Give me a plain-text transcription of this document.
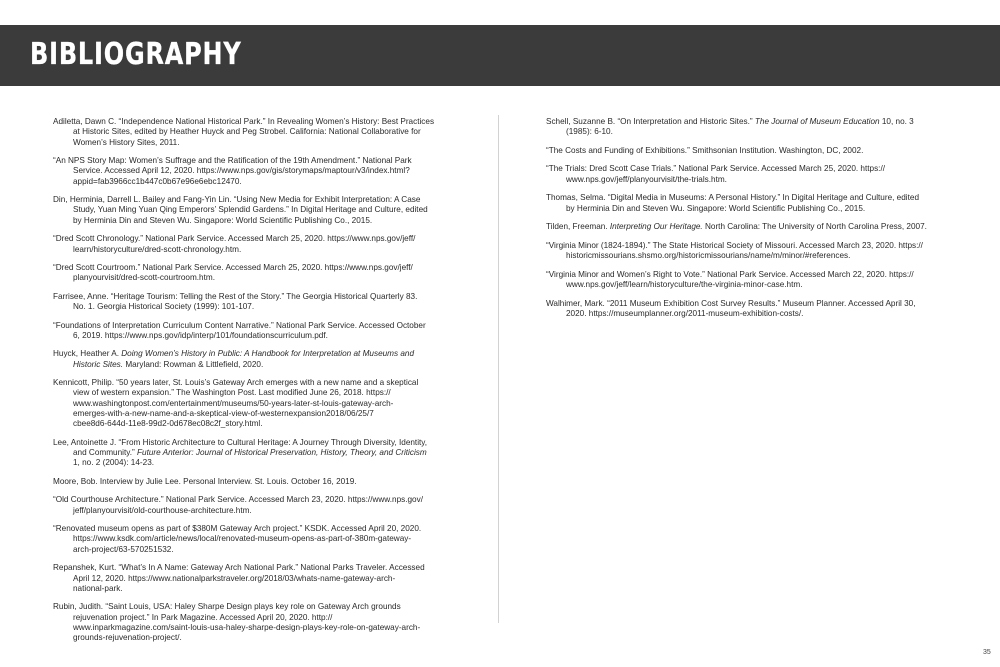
BIBLIOGRAPHY

Adiletta, Dawn C. “Independence National Historical Park.” In Revealing Women’s History: Best Practices
at Historic Sites, edited by Heather Huyck and Peg Strobel. California: National Collaborative for
Women’s History Sites, 2011.

“An NPS Story Map: Women’s Suffrage and the Ratification of the 19th Amendment.” National Park
Service. Accessed April 12, 2020. https://www.nps.gov/gis/storymaps/maptour/v3/index.html?
appid=fab3966cc1b447c0b67e96e6ebc12470.

Din, Herminia, Darrell L. Bailey and Fang-Yin Lin. “Using New Media for Exhibit Interpretation: A Case
Study, Yuan Ming Yuan Qing Emperors’ Splendid Gardens.” In Digital Heritage and Culture, edited
by Herminia Din and Steven Wu. Singapore: World Scientific Publishing Co., 2015.

“Dred Scott Chronology.” National Park Service. Accessed March 25, 2020. https://www.nps.gov/jeff/
learn/historyculture/dred-scott-chronology.htm.

“Dred Scott Courtroom.” National Park Service. Accessed March 25, 2020. https://www.nps.gov/jeff/
planyourvisit/dred-scott-courtroom.htm.

Farrisee, Anne. “Heritage Tourism: Telling the Rest of the Story.” The Georgia Historical Quarterly 83.
No. 1. Georgia Historical Society (1999): 101-107.

“Foundations of Interpretation Curriculum Content Narrative.” National Park Service. Accessed October
6, 2019. https://www.nps.gov/idp/interp/101/foundationscurriculum.pdf.

Huyck, Heather A. Doing Women’s History in Public: A Handbook for Interpretation at Museums and
Historic Sites. Maryland: Rowman & Littlefield, 2020.

Kennicott, Philip. “50 years later, St. Louis’s Gateway Arch emerges with a new name and a skeptical
view of western expansion.” The Washington Post. Last modified June 26, 2018. https://
www.washingtonpost.com/entertainment/museums/50-years-later-st-louis-gateway-arch-
emerges-with-a-new-name-and-a-skeptical-view-of-westernexpansion2018/06/25/7
cbee8d6-644d-11e8-99d2-0d678ec08c2f_story.html.

Lee, Antoinette J. “From Historic Architecture to Cultural Heritage: A Journey Through Diversity, Identity,
and Community.” Future Anterior: Journal of Historical Preservation, History, Theory, and Criticism
1, no. 2 (2004): 14-23.

Moore, Bob. Interview by Julie Lee. Personal Interview. St. Louis. October 16, 2019.

“Old Courthouse Architecture.” National Park Service. Accessed March 23, 2020. https://www.nps.gov/
jeff/planyourvisit/old-courthouse-architecture.htm.

“Renovated museum opens as part of $380M Gateway Arch project.” KSDK. Accessed April 20, 2020.
https://www.ksdk.com/article/news/local/renovated-museum-opens-as-part-of-380m-gateway-
arch-project/63-570251532.

Repanshek, Kurt. “What’s In A Name: Gateway Arch National Park.” National Parks Traveler. Accessed
April 12, 2020. https://www.nationalparkstraveler.org/2018/03/whats-name-gateway-arch-
national-park.

Rubin, Judith. “Saint Louis, USA: Haley Sharpe Design plays key role on Gateway Arch grounds
rejuvenation project.” In Park Magazine. Accessed April 20, 2020. http://
www.inparkmagazine.com/saint-louis-usa-haley-sharpe-design-plays-key-role-on-gateway-arch-
grounds-rejuvenation-project/.

Schell, Suzanne B. “On Interpretation and Historic Sites.” The Journal of Museum Education 10, no. 3
(1985): 6-10.

“The Costs and Funding of Exhibitions.” Smithsonian Institution. Washington, DC, 2002.

“The Trials: Dred Scott Case Trials.” National Park Service. Accessed March 25, 2020. https://
www.nps.gov/jeff/planyourvisit/the-trials.htm.

Thomas, Selma. “Digital Media in Museums: A Personal History.” In Digital Heritage and Culture, edited
by Herminia Din and Steven Wu. Singapore: World Scientific Publishing Co., 2015.

Tilden, Freeman. Interpreting Our Heritage. North Carolina: The University of North Carolina Press, 2007.

“Virginia Minor (1824-1894).” The State Historical Society of Missouri. Accessed March 23, 2020. https://
historicmissourians.shsmo.org/historicmissourians/name/m/minor/#references.

“Virginia Minor and Women’s Right to Vote.” National Park Service. Accessed March 22, 2020. https://
www.nps.gov/jeff/learn/historyculture/the-virginia-minor-case.htm.

Walhimer, Mark. “2011 Museum Exhibition Cost Survey Results.” Museum Planner. Accessed April 30,
2020. https://museumplanner.org/2011-museum-exhibition-costs/.

35
